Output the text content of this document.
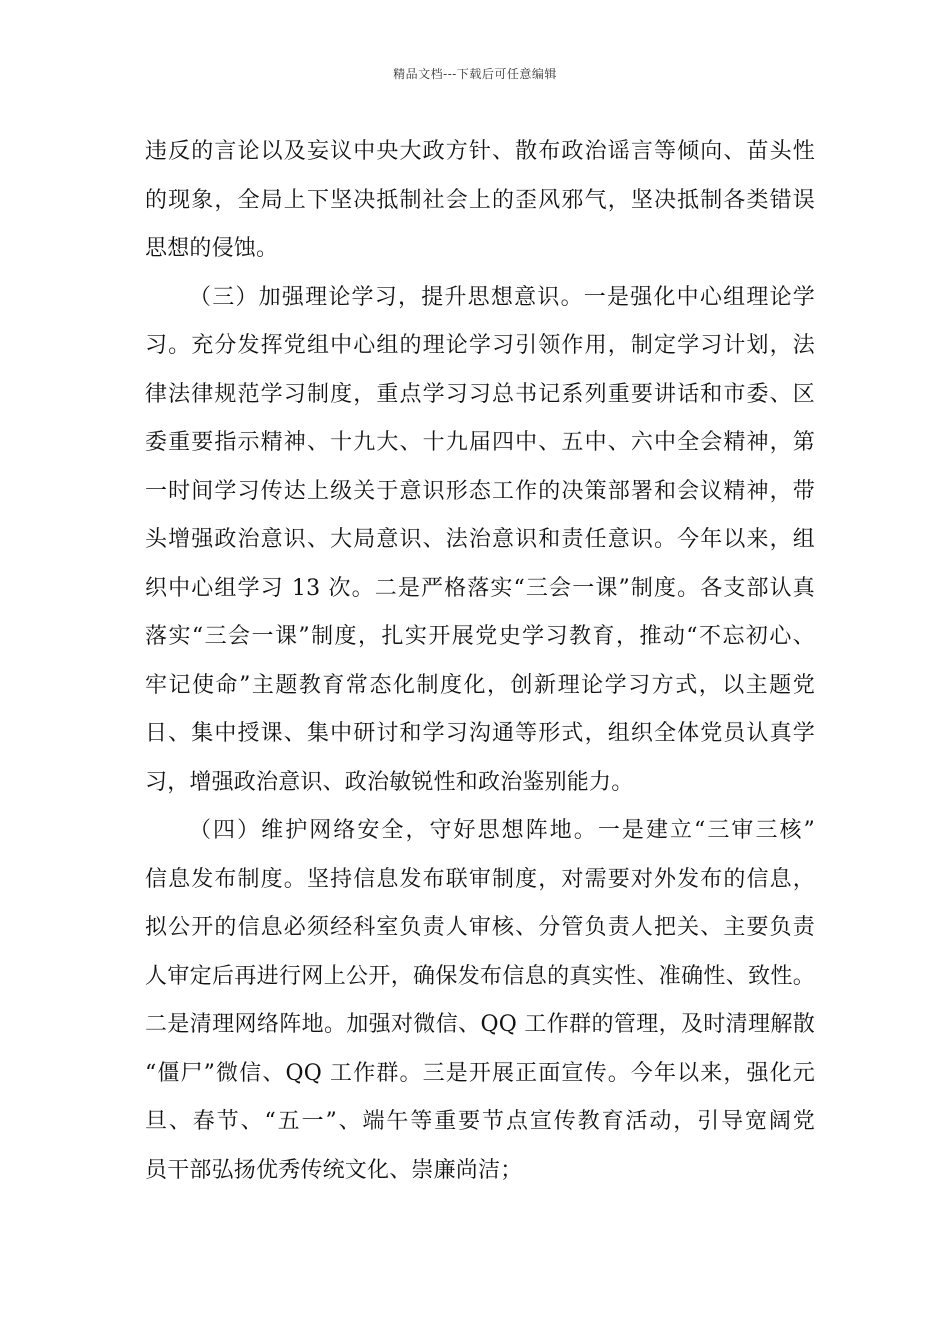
精品文档---下载后可任意编辑
违反的言论以及妄议中央大政方针、散布政治谣言等倾向、苗头性
的现象，全局上下坚决抵制社会上的歪风邪气，坚决抵制各类错误
思想的侵蚀。
（三）加强理论学习，提升思想意识。一是强化中心组理论学
习。充分发挥党组中心组的理论学习引领作用，制定学习计划，法
律法律规范学习制度，重点学习习总书记系列重要讲话和市委、区
委重要指示精神、十九大、十九届四中、五中、六中全会精神，第
一时间学习传达上级关于意识形态工作的决策部署和会议精神，带
头增强政治意识、大局意识、法治意识和责任意识。今年以来，组
织中心组学习 13 次。二是严格落实“三会一课”制度。各支部认真
落实“三会一课”制度，扎实开展党史学习教育，推动“不忘初心、
牢记使命”主题教育常态化制度化，创新理论学习方式，以主题党
日、集中授课、集中研讨和学习沟通等形式，组织全体党员认真学
习，增强政治意识、政治敏锐性和政治鉴别能力。
（四）维护网络安全，守好思想阵地。一是建立“三审三核”
信息发布制度。坚持信息发布联审制度，对需要对外发布的信息，
拟公开的信息必须经科室负责人审核、分管负责人把关、主要负责
人审定后再进行网上公开，确保发布信息的真实性、准确性、致性。
二是清理网络阵地。加强对微信、QQ 工作群的管理，及时清理解散
“僵尸”微信、QQ 工作群。三是开展正面宣传。今年以来，强化元
旦、春节、“五一”、端午等重要节点宣传教育活动，引导宽阔党
员干部弘扬优秀传统文化、崇廉尚洁；
